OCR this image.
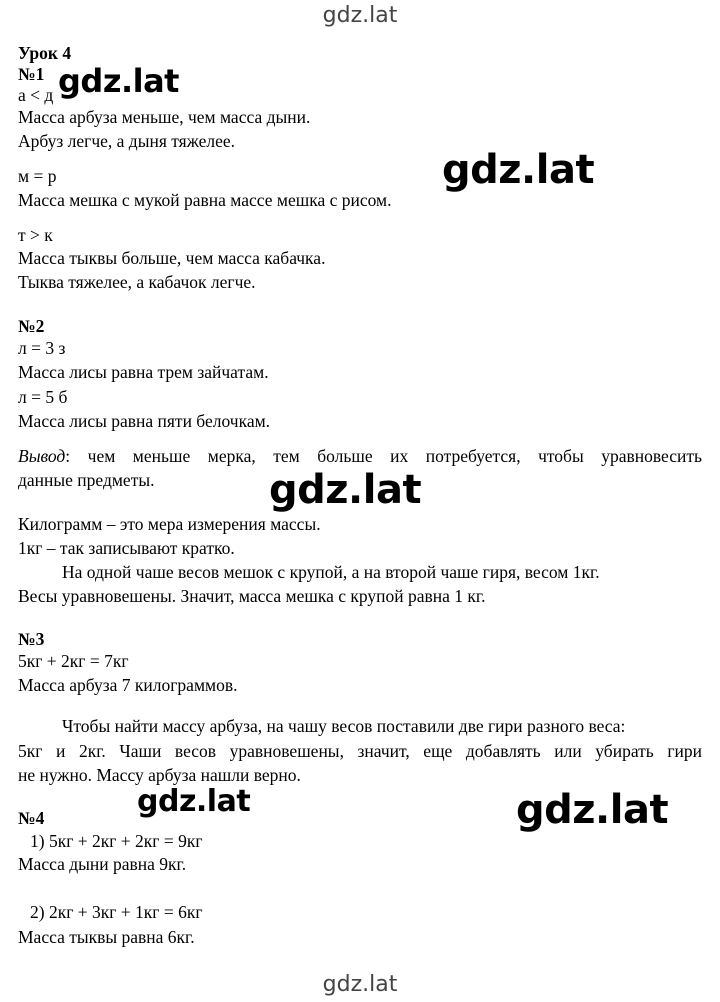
gdz.lat
Урок 4
№1
а < д
Масса арбуза меньше, чем масса дыни.
Арбуз легче, а дыня тяжелее.
м = р
Масса мешка с мукой равна массе мешка с рисом.
т > к
Масса тыквы больше, чем масса кабачка.
Тыква тяжелее, а кабачок легче.
№2
л = 3 з
Масса лисы равна трем зайчатам.
л = 5 б
Масса лисы равна пяти белочкам.
Вывод: чем меньше мерка, тем больше их потребуется, чтобы уравновесить
данные предметы.
Килограмм – это мера измерения массы.
1кг – так записывают кратко.
На одной чаше весов мешок с крупой, а на второй чаше гиря, весом 1кг.
Весы уравновешены. Значит, масса мешка с крупой равна 1 кг.
№3
5кг + 2кг = 7кг
Масса арбуза 7 килограммов.
Чтобы найти массу арбуза, на чашу весов поставили две гири разного веса:
5кг и 2кг. Чаши весов уравновешены, значит, еще добавлять или убирать гири
не нужно. Массу арбуза нашли верно.
№4
1) 5кг + 2кг + 2кг = 9кг
Масса дыни равна 9кг.
2) 2кг + 3кг + 1кг = 6кг
Масса тыквы равна 6кг.
gdz.lat
gdz.lat
gdz.lat
gdz.lat	gdz.lat
gdz.lat
